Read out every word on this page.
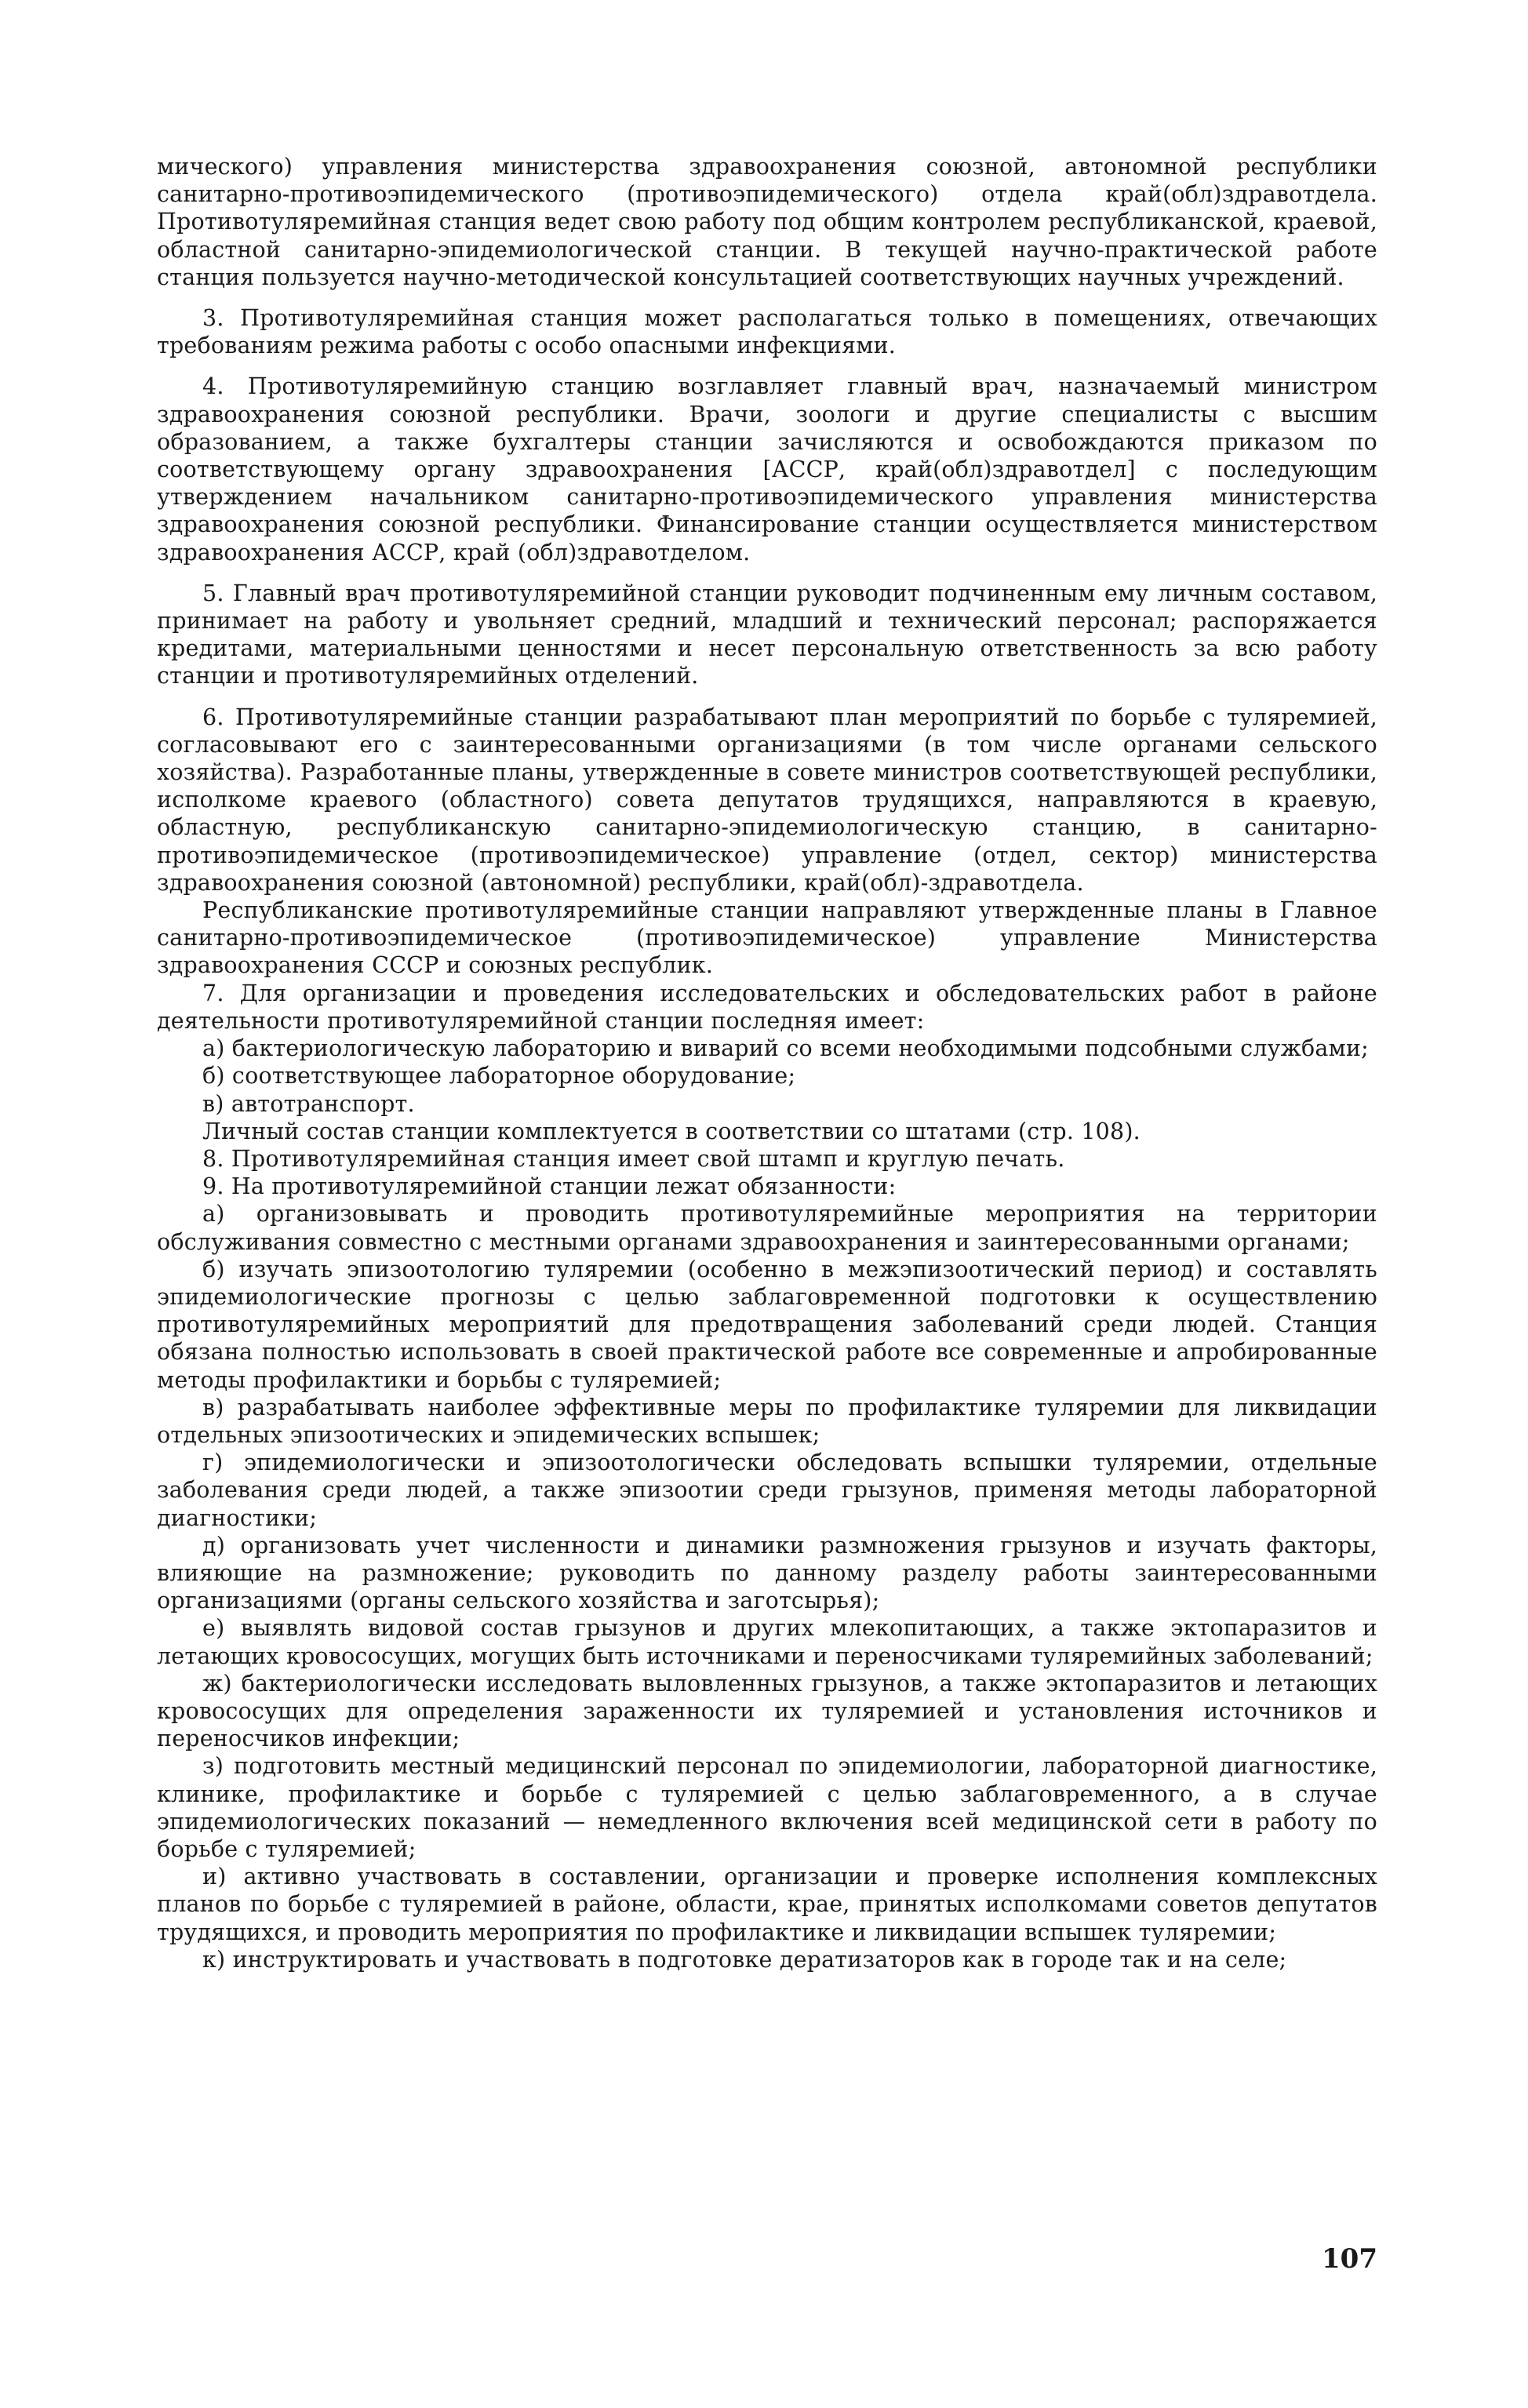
мического) управления министерства здравоохранения союзной, автономной республики санитарно-противоэпидемического (противоэпидемического) отдела край(обл)здравотдела. Противотуляремийная станция ведет свою работу под общим контролем республиканской, краевой, областной санитарно-эпидемиологической станции. В текущей научно-практической работе станция пользуется научно-методической консультацией соответствующих научных учреждений.

3. Противотуляремийная станция может располагаться только в помещениях, отвечающих требованиям режима работы с особо опасными инфекциями.

4. Противотуляремийную станцию возглавляет главный врач, назначаемый министром здравоохранения союзной республики. Врачи, зоологи и другие специалисты с высшим образованием, а также бухгалтеры станции зачисляются и освобождаются приказом по соответствующему органу здравоохранения [АССР, край(обл)здравотдел] с последующим утверждением начальником санитарно-противоэпидемического управления министерства здравоохранения союзной республики. Финансирование станции осуществляется министерством здравоохранения АССР, край (обл)здравотделом.

5. Главный врач противотуляремийной станции руководит подчиненным ему личным составом, принимает на работу и увольняет средний, младший и технический персонал; распоряжается кредитами, материальными ценностями и несет персональную ответственность за всю работу станции и противотуляремийных отделений.

6. Противотуляремийные станции разрабатывают план мероприятий по борьбе с туляремией, согласовывают его с заинтересованными организациями (в том числе органами сельского хозяйства). Разработанные планы, утвержденные в совете министров соответствующей республики, исполкоме краевого (областного) совета депутатов трудящихся, направляются в краевую, областную, республиканскую санитарно-эпидемиологическую станцию, в санитарно-противоэпидемическое (противоэпидемическое) управление (отдел, сектор) министерства здравоохранения союзной (автономной) республики, край(обл)-здравотдела.

Республиканские противотуляремийные станции направляют утвержденные планы в Главное санитарно-противоэпидемическое (противоэпидемическое) управление Министерства здравоохранения СССР и союзных республик.

7. Для организации и проведения исследовательских и обследовательских работ в районе деятельности противотуляремийной станции последняя имеет:

а) бактериологическую лабораторию и виварий со всеми необходимыми подсобными службами;

б) соответствующее лабораторное оборудование;

в) автотранспорт.

Личный состав станции комплектуется в соответствии со штатами (стр. 108).

8. Противотуляремийная станция имеет свой штамп и круглую печать.

9. На противотуляремийной станции лежат обязанности:

а) организовывать и проводить противотуляремийные мероприятия на территории обслуживания совместно с местными органами здравоохранения и заинтересованными органами;

б) изучать эпизоотологию туляремии (особенно в межэпизоотический период) и составлять эпидемиологические прогнозы с целью заблаговременной подготовки к осуществлению противотуляремийных мероприятий для предотвращения заболеваний среди людей. Станция обязана полностью использовать в своей практической работе все современные и апробированные методы профилактики и борьбы с туляремией;

в) разрабатывать наиболее эффективные меры по профилактике туляремии для ликвидации отдельных эпизоотических и эпидемических вспышек;

г) эпидемиологически и эпизоотологически обследовать вспышки туляремии, отдельные заболевания среди людей, а также эпизоотии среди грызунов, применяя методы лабораторной диагностики;

д) организовать учет численности и динамики размножения грызунов и изучать факторы, влияющие на размножение; руководить по данному разделу работы заинтересованными организациями (органы сельского хозяйства и заготсырья);

е) выявлять видовой состав грызунов и других млекопитающих, а также эктопаразитов и летающих кровососущих, могущих быть источниками и переносчиками туляремийных заболеваний;

ж) бактериологически исследовать выловленных грызунов, а также эктопаразитов и летающих кровососущих для определения зараженности их туляремией и установления источников и переносчиков инфекции;

з) подготовить местный медицинский персонал по эпидемиологии, лабораторной диагностике, клинике, профилактике и борьбе с туляремией с целью заблаговременного, а в случае эпидемиологических показаний — немедленного включения всей медицинской сети в работу по борьбе с туляремией;

и) активно участвовать в составлении, организации и проверке исполнения комплексных планов по борьбе с туляремией в районе, области, крае, принятых исполкомами советов депутатов трудящихся, и проводить мероприятия по профилактике и ликвидации вспышек туляремии;

к) инструктировать и участвовать в подготовке дератизаторов как в городе так и на селе;

107
